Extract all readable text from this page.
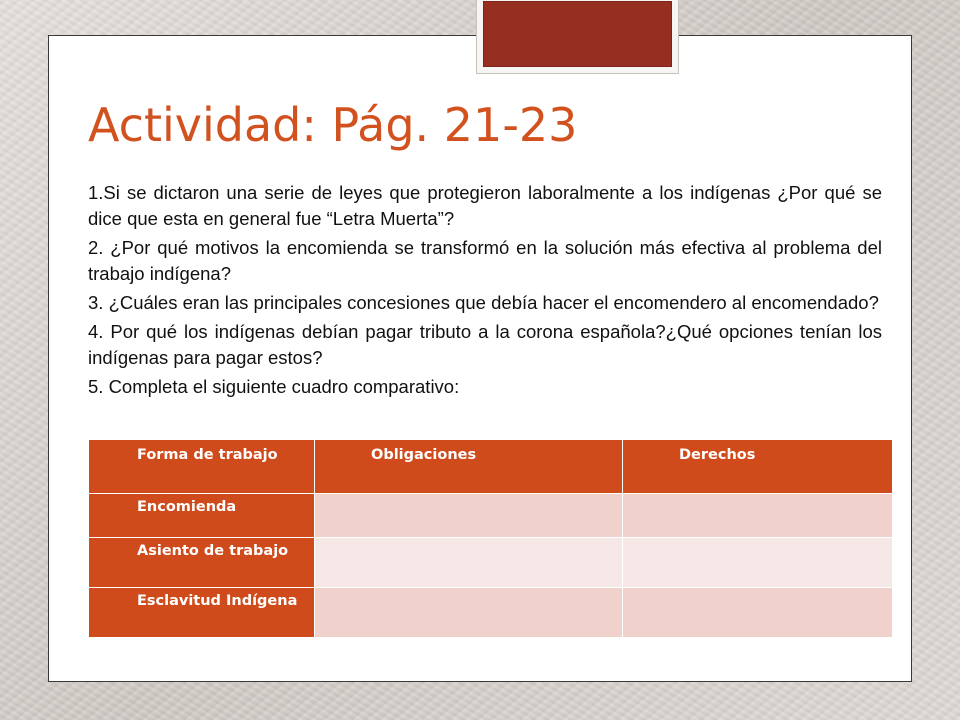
Actividad: Pág. 21-23

1.Si se dictaron una serie de leyes que protegieron laboralmente a los indígenas ¿Por qué se dice que esta en general fue “Letra Muerta”?

2. ¿Por qué motivos la encomienda se transformó en la solución más efectiva al problema del trabajo indígena?

3. ¿Cuáles eran las principales concesiones que debía hacer el encomendero al encomendado?

4. Por qué los indígenas debían pagar tributo a la corona española?¿Qué opciones tenían los indígenas para pagar estos?

5. Completa el siguiente cuadro comparativo:

Forma de trabajo	Obligaciones	Derechos
Encomienda		
Asiento de trabajo		
Esclavitud Indígena		
